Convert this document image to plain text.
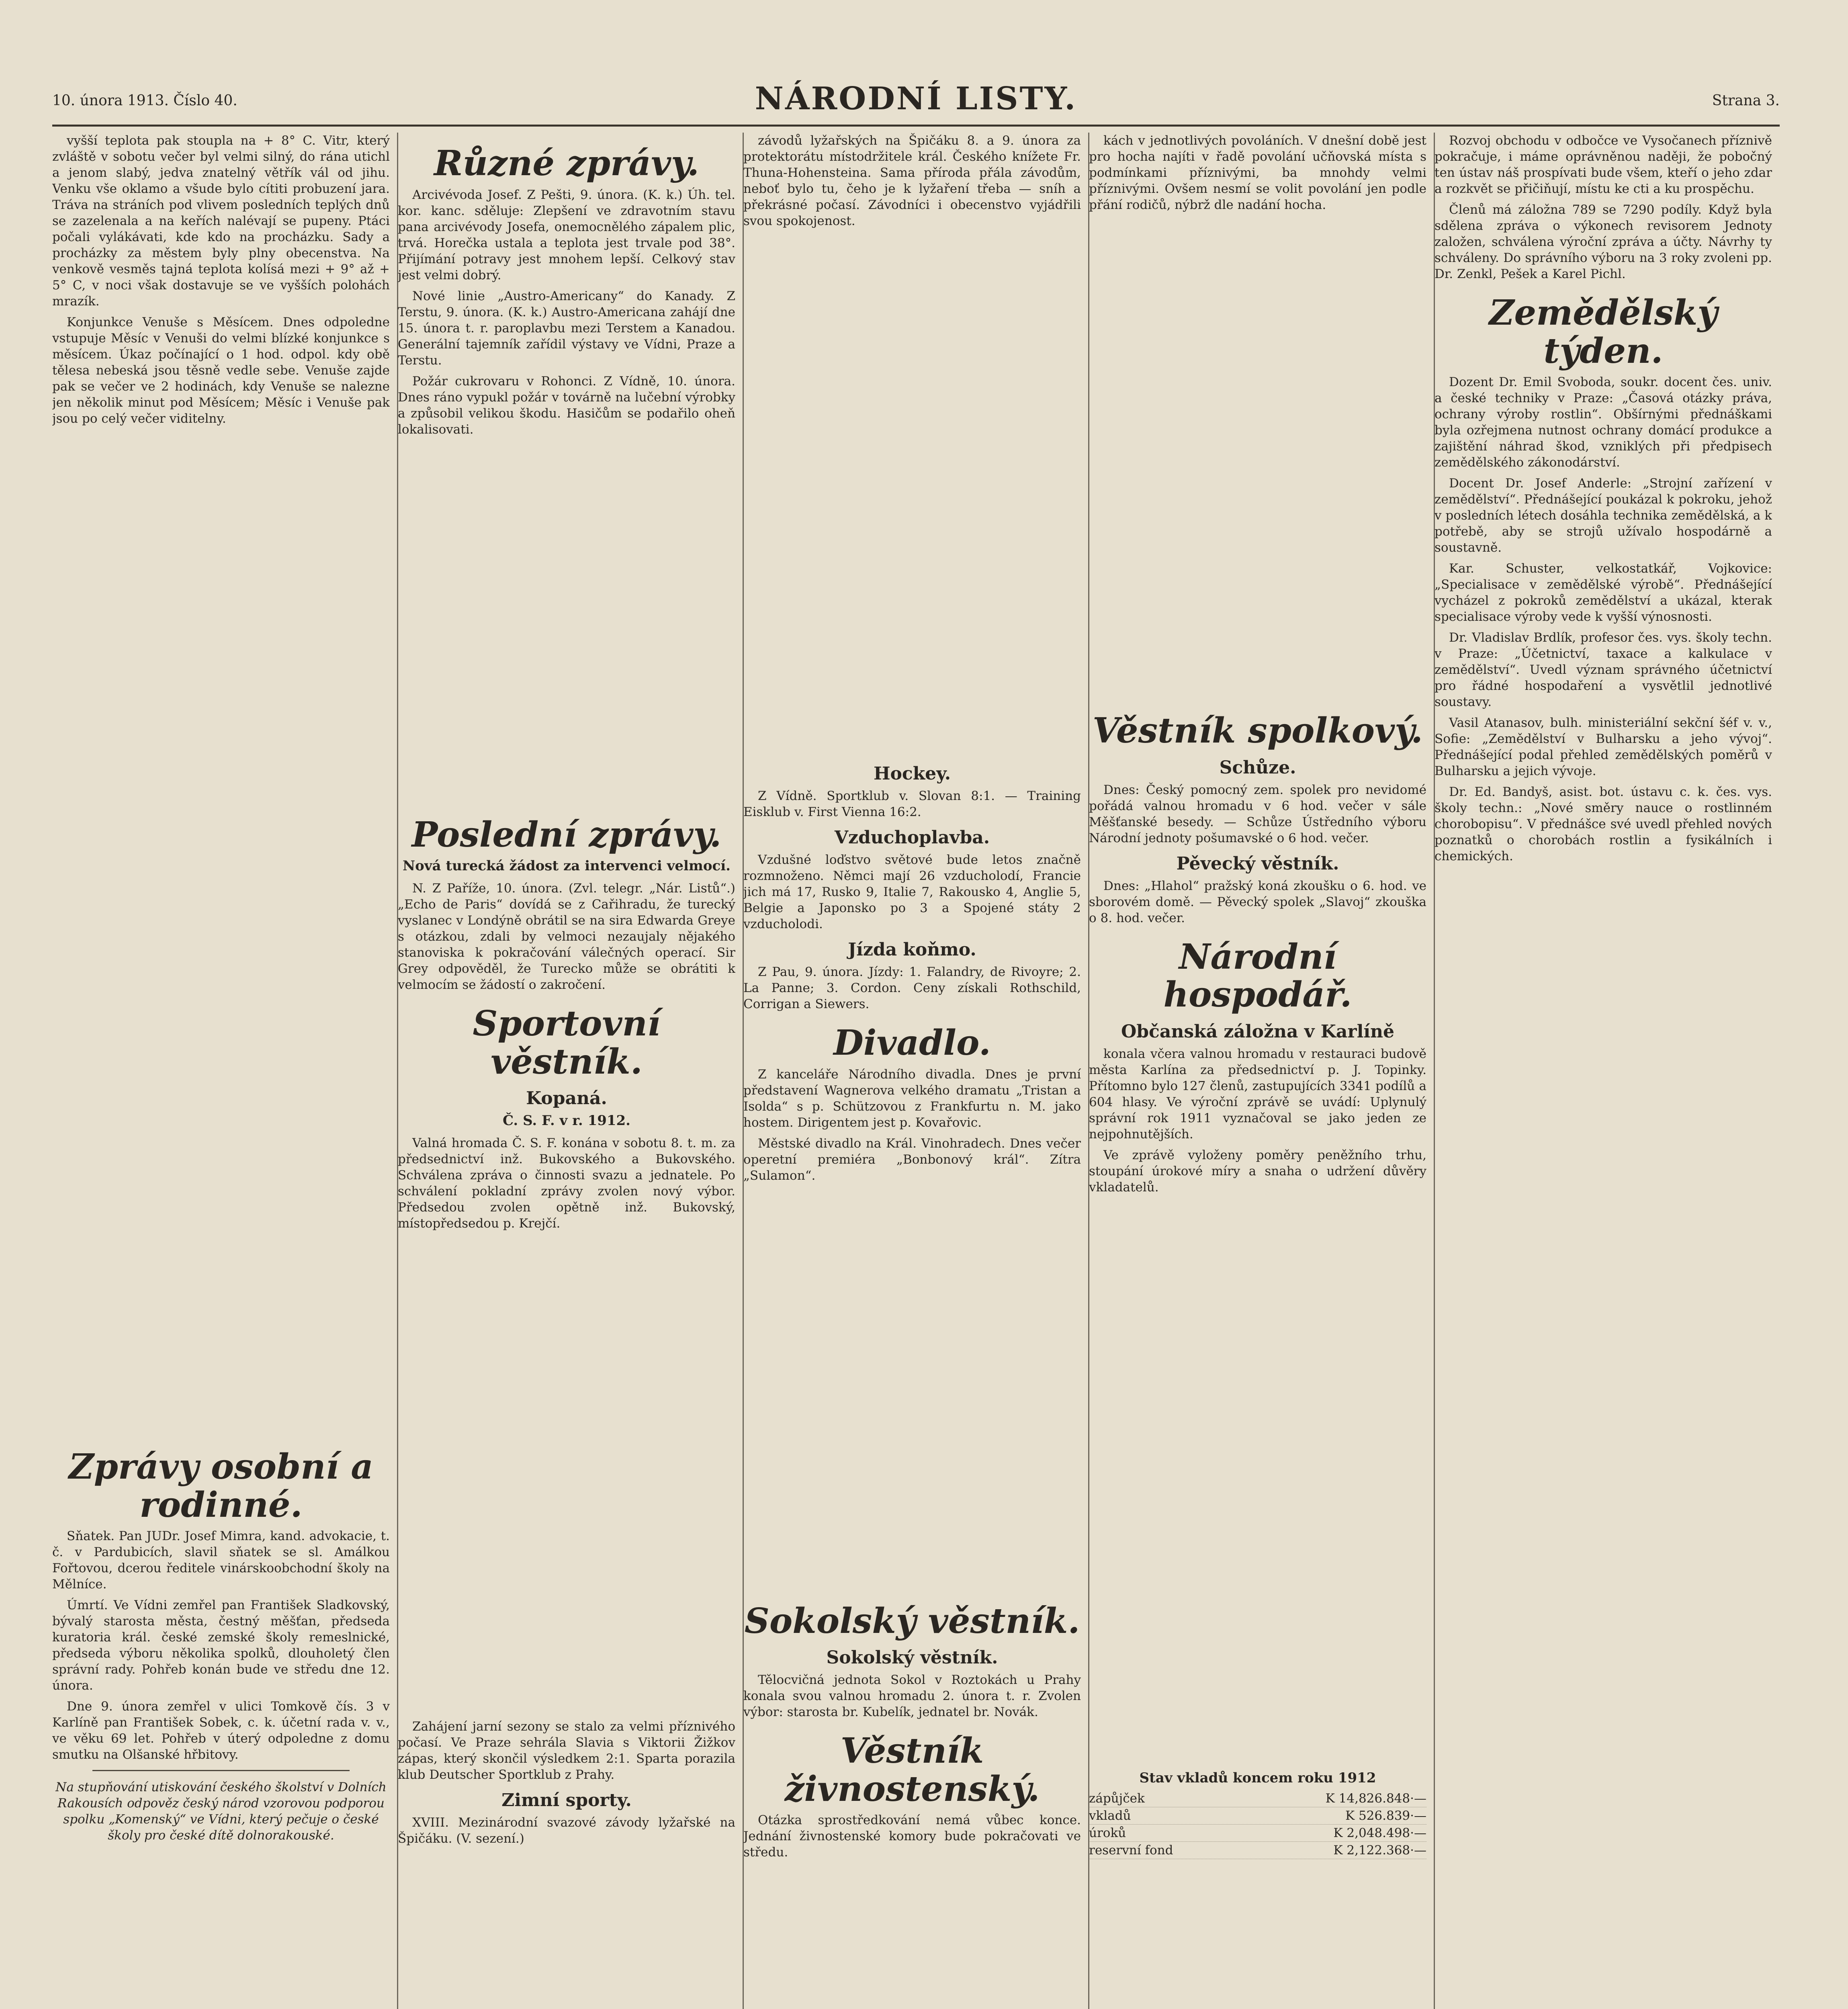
10. února 1913. Číslo 40.	NÁRODNÍ LISTY.	Strana 3.

vyšší teplota pak stoupla na + 8° C. Vitr, který zvláště v sobotu večer byl velmi silný, do rána utichl a jenom slabý, jedva znatelný větřík vál od jihu. Venku vše oklamo a všude bylo cítiti probuzení jara. Tráva na stráních pod vlivem posledních teplých dnů se zazelenala a na keřích nalévají se pupeny. Ptáci počali vylákávati, kde kdo na procházku. Sady a procházky za městem byly plny obecenstva. Na venkově vesměs tajná teplota kolísá mezi + 9° až + 5° C, v noci však dostavuje se ve vyšších polohách mrazík.

Konjunkce Venuše s Měsícem. Dnes odpoledne vstupuje Měsíc v Venuši do velmi blízké konjunkce s měsícem. Úkaz počínající o 1 hod. odpol. kdy obě tělesa nebeská jsou těsně vedle sebe. Venuše zajde pak se večer ve 2 hodinách, kdy Venuše se nalezne jen několik minut pod Měsícem; Měsíc i Venuše pak jsou po celý večer viditelny.

Zprávy osobní a rodinné.

Sňatek. Pan JUDr. Josef Mimra, kand. advokacie, t. č. v Pardubicích, slavil sňatek se sl. Amálkou Fořtovou, dcerou ředitele vinárskoobchodní školy na Mělníce.

Úmrtí. Ve Vídni zemřel pan František Sladkovský, bývalý starosta města, čestný měšťan, předseda kuratoria král. české zemské školy remeslnické, předseda výboru několika spolků, dlouholetý člen správní rady. Pohřeb konán bude ve středu dne 12. února.

Dne 9. února zemřel v ulici Tomkově čís. 3 v Karlíně pan František Sobek, c. k. účetní rada v. v., ve věku 69 let. Pohřeb v úterý odpoledne z domu smutku na Olšanské hřbitovy.

Na stupňování utiskování českého školství v Dolních Rakousích odpověz český národ vzorovou podporou spolku „Komenský“ ve Vídni, který pečuje o české školy pro české dítě dolnorakouské.
Různé zprávy.

Arcivévoda Josef. Z Pešti, 9. února. (K. k.) Úh. tel. kor. kanc. sděluje: Zlepšení ve zdravotním stavu pana arcivévody Josefa, onemocnělého zápalem plic, trvá. Horečka ustala a teplota jest trvale pod 38°. Přijímání potravy jest mnohem lepší. Celkový stav jest velmi dobrý.

Nové linie „Austro-Americany“ do Kanady. Z Terstu, 9. února. (K. k.) Austro-Americana zahájí dne 15. února t. r. paroplavbu mezi Terstem a Kanadou. Generální tajemník zařídil výstavy ve Vídni, Praze a Terstu.

Požár cukrovaru v Rohonci. Z Vídně, 10. února. Dnes ráno vypukl požár v továrně na lučební výrobky a způsobil velikou škodu. Hasičům se podařilo oheň lokalisovati.

Poslední zprávy.
Nová turecká žádost za intervenci velmocí.

N. Z Paříže, 10. února. (Zvl. telegr. „Nár. Listů“.) „Echo de Paris“ dovídá se z Cařihradu, že turecký vyslanec v Londýně obrátil se na sira Edwarda Greye s otázkou, zdali by velmoci nezaujaly nějakého stanoviska k pokračování válečných operací. Sir Grey odpověděl, že Turecko může se obrátiti k velmocím se žádostí o zakročení.

Sportovní věstník.
Kopaná.
Č. S. F. v r. 1912.

Valná hromada Č. S. F. konána v sobotu 8. t. m. za předsednictví inž. Bukovského a Bukovského. Schválena zpráva o činnosti svazu a jednatele. Po schválení pokladní zprávy zvolen nový výbor. Předsedou zvolen opětně inž. Bukovský, místopředsedou p. Krejčí.

Zahájení jarní sezony se stalo za velmi příznivého počasí. Ve Praze sehrála Slavia s Viktorii Žižkov zápas, který skončil výsledkem 2:1. Sparta porazila klub Deutscher Sportklub z Prahy.

Zimní sporty.

XVIII. Mezinárodní svazové závody lyžařské na Špičáku. (V. sezení.)

závodů lyžařských na Špičáku 8. a 9. února za protektorátu místodržitele král. Českého knížete Fr. Thuna-Hohensteina. Sama příroda přála závodům, neboť bylo tu, čeho je k lyžaření třeba — sníh a překrásné počasí. Závodníci i obecenstvo vyjádřili svou spokojenost.

Hockey.

Z Vídně. Sportklub v. Slovan 8:1. — Training Eisklub v. First Vienna 16:2.

Vzduchoplavba.

Vzdušné loďstvo světové bude letos značně rozmnoženo. Němci mají 26 vzducholodí, Francie jich má 17, Rusko 9, Italie 7, Rakousko 4, Anglie 5, Belgie a Japonsko po 3 a Spojené státy 2 vzducholodi.

Jízda koňmo.

Z Pau, 9. února. Jízdy: 1. Falandry, de Rivoyre; 2. La Panne; 3. Cordon. Ceny získali Rothschild, Corrigan a Siewers.

Divadlo.

Z kanceláře Národního divadla. Dnes je první představení Wagnerova velkého dramatu „Tristan a Isolda“ s p. Schützovou z Frankfurtu n. M. jako hostem. Dirigentem jest p. Kovařovic.

Městské divadlo na Král. Vinohradech. Dnes večer operetní premiéra „Bonbonový král“. Zítra „Sulamon“.

Sokolský věstník.
Sokolský věstník.

Tělocvičná jednota Sokol v Roztokách u Prahy konala svou valnou hromadu 2. února t. r. Zvolen výbor: starosta br. Kubelík, jednatel br. Novák.

Věstník živnostenský.

Otázka sprostředkování nemá vůbec konce. Jednání živnostenské komory bude pokračovati ve středu.

kách v jednotlivých povoláních. V dnešní době jest pro hocha najíti v řadě povolání učňovská místa s podmínkami příznivými, ba mnohdy velmi příznivými. Ovšem nesmí se volit povolání jen podle přání rodičů, nýbrž dle nadání hocha.

Věstník spolkový.
Schůze.

Dnes: Český pomocný zem. spolek pro nevidomé pořádá valnou hromadu v 6 hod. večer v sále Měšťanské besedy. — Schůze Ústředního výboru Národní jednoty pošumavské o 6 hod. večer.

Pěvecký věstník.

Dnes: „Hlahol“ pražský koná zkoušku o 6. hod. ve sborovém domě. — Pěvecký spolek „Slavoj“ zkouška o 8. hod. večer.

Národní hospodář.
Občanská záložna v Karlíně

konala včera valnou hromadu v restauraci budově města Karlína za předsednictví p. J. Topinky. Přítomno bylo 127 členů, zastupujících 3341 podílů a 604 hlasy. Ve výroční zprávě se uvádí: Uplynulý správní rok 1911 vyznačoval se jako jeden ze nejpohnutějších.

Ve zprávě vyloženy poměry peněžního trhu, stoupání úrokové míry a snaha o udržení důvěry vkladatelů.

Stav vkladů koncem roku 1912
zápůjček	K 14,826.848·—
vkladů	K 526.839·—
úroků	K 2,048.498·—
reservní fond	K 2,122.368·—

Rozvoj obchodu v odbočce ve Vysočanech příznivě pokračuje, i máme oprávněnou naději, že pobočný ten ústav náš prospívati bude všem, kteří o jeho zdar a rozkvět se přičiňují, místu ke cti a ku prospěchu.

Členů má záložna 789 se 7290 podíly. Když byla sdělena zpráva o výkonech revisorem Jednoty založen, schválena výroční zpráva a účty. Návrhy ty schváleny. Do správního výboru na 3 roky zvoleni pp. Dr. Zenkl, Pešek a Karel Pichl.

Zemědělský týden.

Dozent Dr. Emil Svoboda, soukr. docent čes. univ. a české techniky v Praze: „Časová otázky práva, ochrany výroby rostlin“. Obšírnými přednáškami byla ozřejmena nutnost ochrany domácí produkce a zajištění náhrad škod, vzniklých při předpisech zemědělského zákonodárství.

Docent Dr. Josef Anderle: „Strojní zařízení v zemědělství“. Přednášející poukázal k pokroku, jehož v posledních létech dosáhla technika zemědělská, a k potřebě, aby se strojů užívalo hospodárně a soustavně.

Kar. Schuster, velkostatkář, Vojkovice: „Specialisace v zemědělské výrobě“. Přednášející vycházel z pokroků zemědělství a ukázal, kterak specialisace výroby vede k vyšší výnosnosti.

Dr. Vladislav Brdlík, profesor čes. vys. školy techn. v Praze: „Účetnictví, taxace a kalkulace v zemědělství“. Uvedl význam správného účetnictví pro řádné hospodaření a vysvětlil jednotlivé soustavy.

Vasil Atanasov, bulh. ministeriální sekční šéf v. v., Sofie: „Zemědělství v Bulharsku a jeho vývoj“. Přednášející podal přehled zemědělských poměrů v Bulharsku a jejich vývoje.

Dr. Ed. Bandyš, asist. bot. ústavu c. k. čes. vys. školy techn.: „Nové směry nauce o rostlinném chorobopisu“. V přednášce své uvedl přehled nových poznatků o chorobách rostlin a fysikálních i chemických.
